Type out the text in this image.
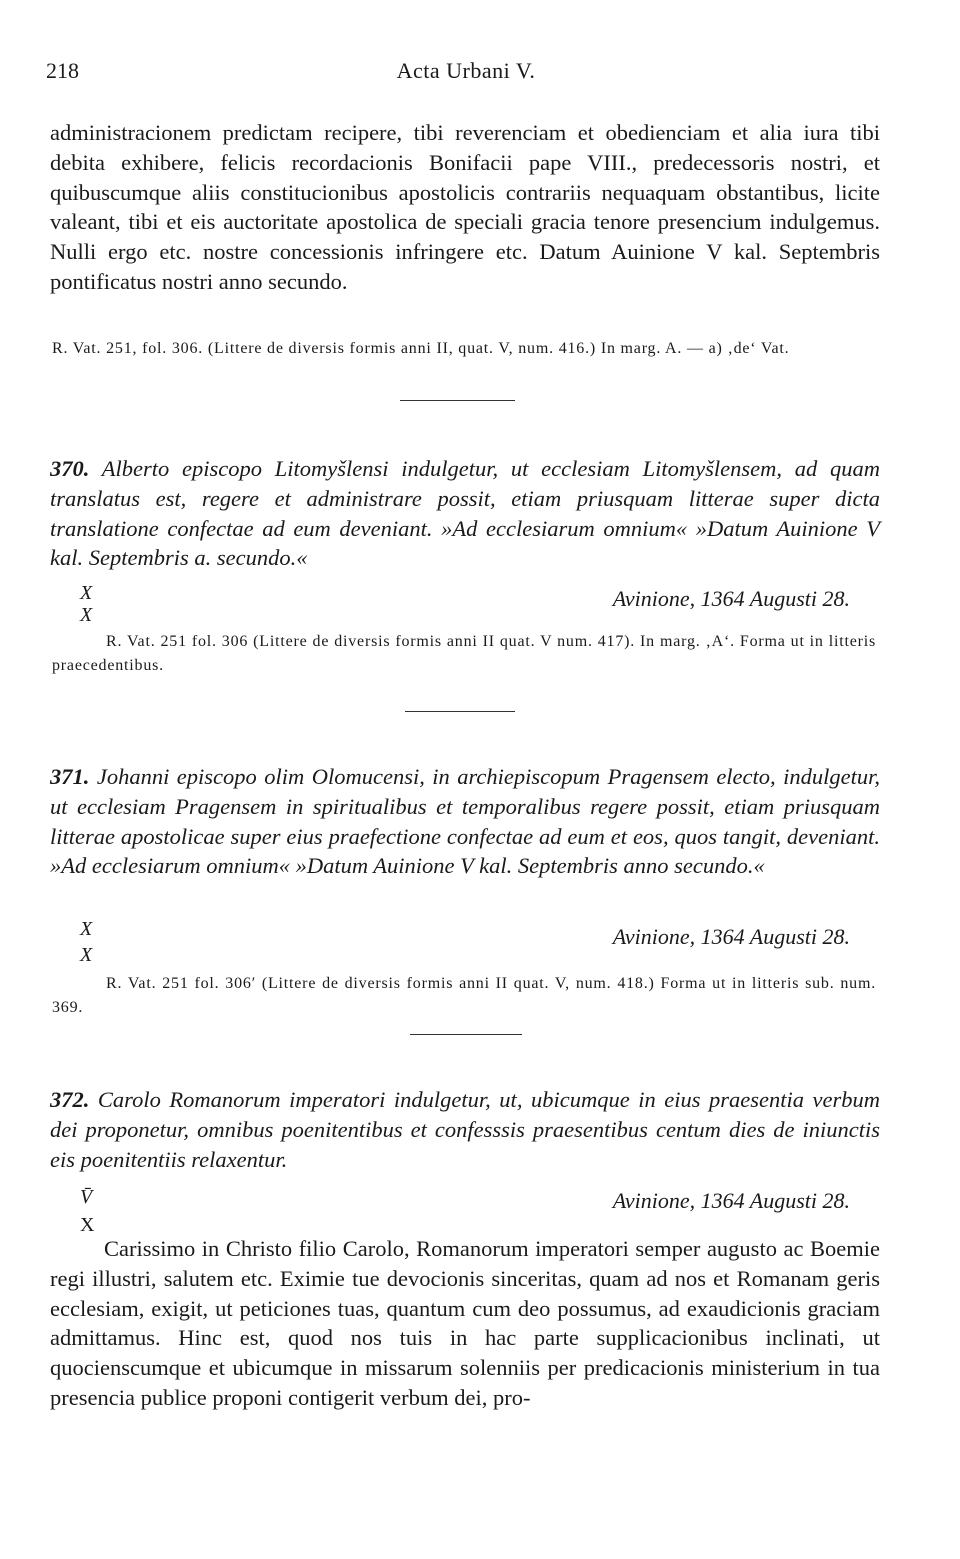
218	Acta Urbani V.

administracionem predictam recipere, tibi reverenciam et obedienciam et alia iura tibi debita exhibere, felicis recordacionis Bonifacii pape VIII., predecessoris nostri, et quibuscumque aliis constitucionibus apostolicis contrariis nequaquam obstantibus, licite valeant, tibi et eis auctoritate apostolica de speciali gracia tenore presencium indulgemus. Nulli ergo etc. nostre concessionis infringere etc. Datum Auinione V kal. Septembris pontificatus nostri anno secundo.

R. Vat. 251, fol. 306. (Littere de diversis formis anni II, quat. V, num. 416.) In marg. A. — a) ‚de‘ Vat.

370. Alberto episcopo Litomyšlensi indulgetur, ut ecclesiam Litomyšlensem, ad quam translatus est, regere et administrare possit, etiam priusquam litterae super dicta translatione confectae ad eum deveniant. »Ad ecclesiarum omnium« »Datum Auinione V kal. Septembris a. secundo.«

X
X
Avinione, 1364 Augusti 28.

R. Vat. 251 fol. 306 (Littere de diversis formis anni II quat. V num. 417). In marg. ‚A‘. Forma ut in litteris praecedentibus.

371. Johanni episcopo olim Olomucensi, in archiepiscopum Pragensem electo, indulgetur, ut ecclesiam Pragensem in spiritualibus et temporalibus regere possit, etiam priusquam litterae apostolicae super eius praefectione confectae ad eum et eos, quos tangit, deveniant. »Ad ecclesiarum omnium« »Datum Auinione V kal. Septembris anno secundo.«

X
X
Avinione, 1364 Augusti 28.

R. Vat. 251 fol. 306′ (Littere de diversis formis anni II quat. V, num. 418.) Forma ut in litteris sub. num. 369.

372. Carolo Romanorum imperatori indulgetur, ut, ubicumque in eius praesentia verbum dei proponetur, omnibus poenitentibus et confesssis praesentibus centum dies de iniunctis eis poenitentiis relaxentur.

V̄
X
Avinione, 1364 Augusti 28.

Carissimo in Christo filio Carolo, Romanorum imperatori semper augusto ac Boemie regi illustri, salutem etc. Eximie tue devocionis sinceritas, quam ad nos et Romanam geris ecclesiam, exigit, ut peticiones tuas, quantum cum deo possumus, ad exaudicionis graciam admittamus. Hinc est, quod nos tuis in hac parte supplicacionibus inclinati, ut quocienscumque et ubicumque in missarum solenniis per predicacionis ministerium in tua presencia publice proponi contigerit verbum dei, pro-
